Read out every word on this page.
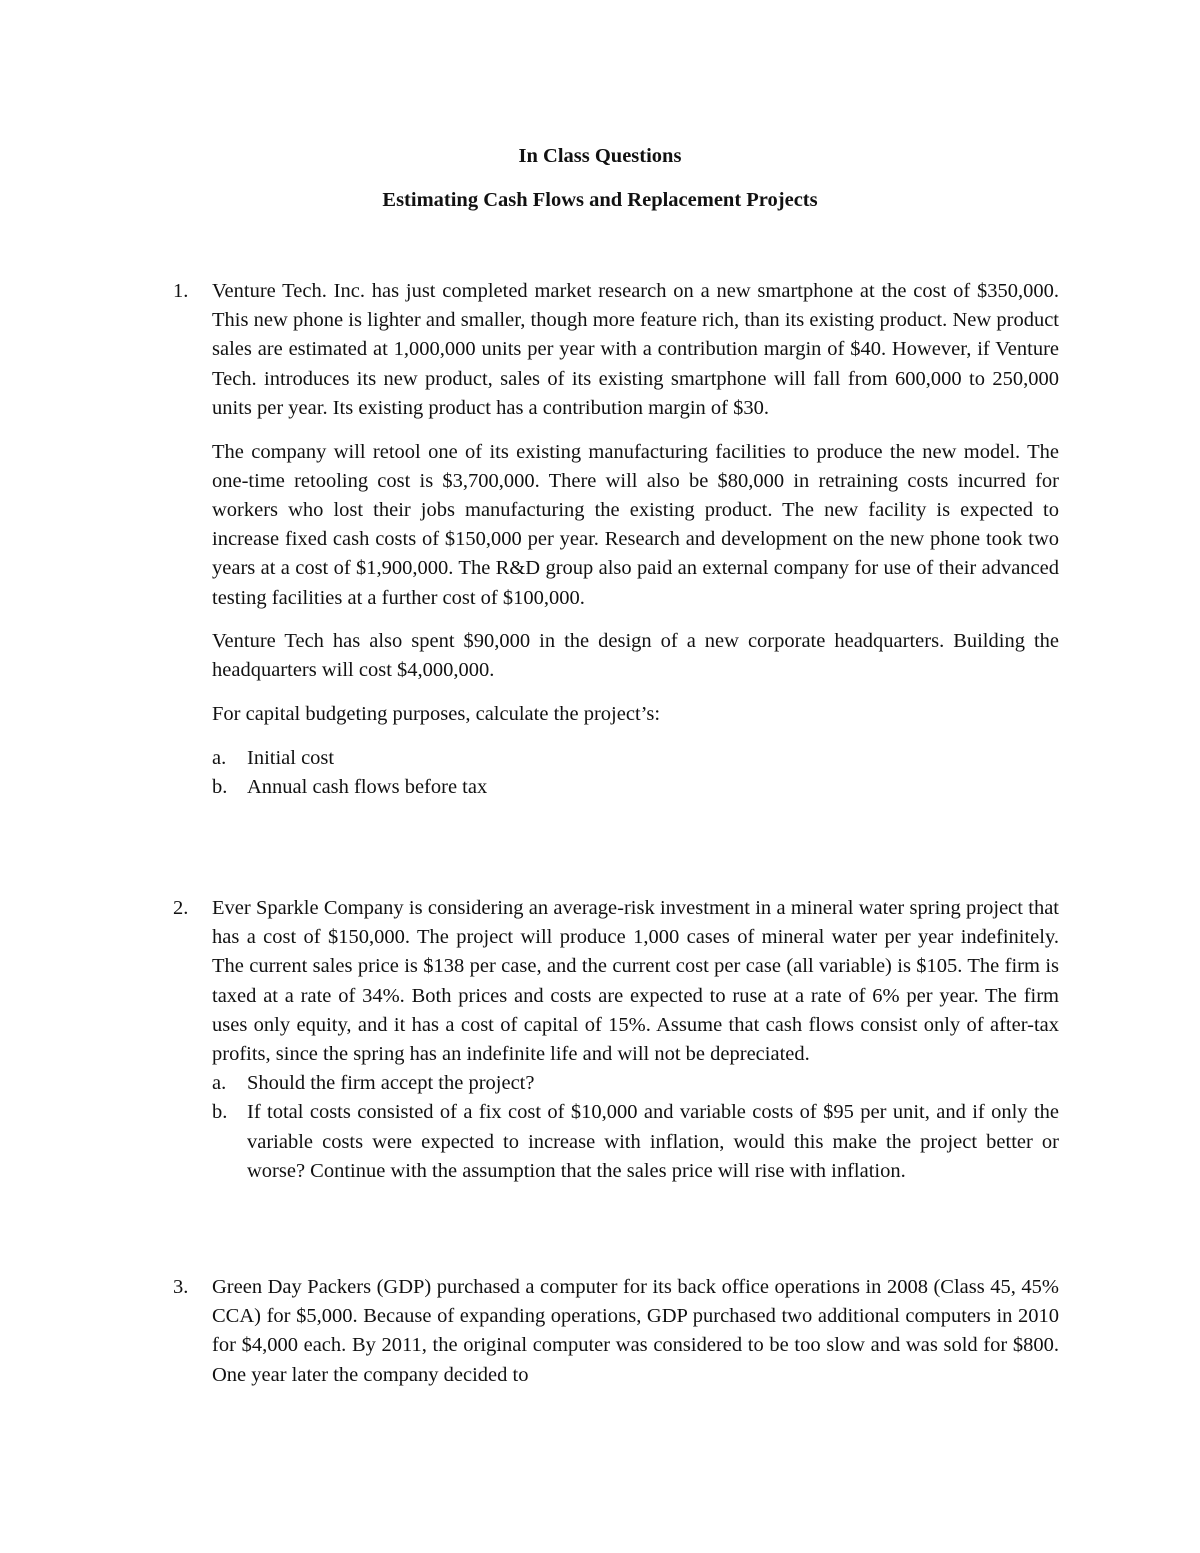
In Class Questions
Estimating Cash Flows and Replacement Projects
1. Venture Tech. Inc. has just completed market research on a new smartphone at the cost of $350,000. This new phone is lighter and smaller, though more feature rich, than its existing product. New product sales are estimated at 1,000,000 units per year with a contribution margin of $40. However, if Venture Tech. introduces its new product, sales of its existing smartphone will fall from 600,000 to 250,000 units per year. Its existing product has a contribution margin of $30.

The company will retool one of its existing manufacturing facilities to produce the new model. The one-time retooling cost is $3,700,000. There will also be $80,000 in retraining costs incurred for workers who lost their jobs manufacturing the existing product. The new facility is expected to increase fixed cash costs of $150,000 per year. Research and development on the new phone took two years at a cost of $1,900,000. The R&D group also paid an external company for use of their advanced testing facilities at a further cost of $100,000.

Venture Tech has also spent $90,000 in the design of a new corporate headquarters. Building the headquarters will cost $4,000,000.

For capital budgeting purposes, calculate the project’s:

a. Initial cost
b. Annual cash flows before tax
2. Ever Sparkle Company is considering an average-risk investment in a mineral water spring project that has a cost of $150,000. The project will produce 1,000 cases of mineral water per year indefinitely. The current sales price is $138 per case, and the current cost per case (all variable) is $105. The firm is taxed at a rate of 34%. Both prices and costs are expected to ruse at a rate of 6% per year. The firm uses only equity, and it has a cost of capital of 15%. Assume that cash flows consist only of after-tax profits, since the spring has an indefinite life and will not be depreciated.

a. Should the firm accept the project?
b. If total costs consisted of a fix cost of $10,000 and variable costs of $95 per unit, and if only the variable costs were expected to increase with inflation, would this make the project better or worse? Continue with the assumption that the sales price will rise with inflation.
3. Green Day Packers (GDP) purchased a computer for its back office operations in 2008 (Class 45, 45% CCA) for $5,000. Because of expanding operations, GDP purchased two additional computers in 2010 for $4,000 each. By 2011, the original computer was considered to be too slow and was sold for $800. One year later the company decided to
